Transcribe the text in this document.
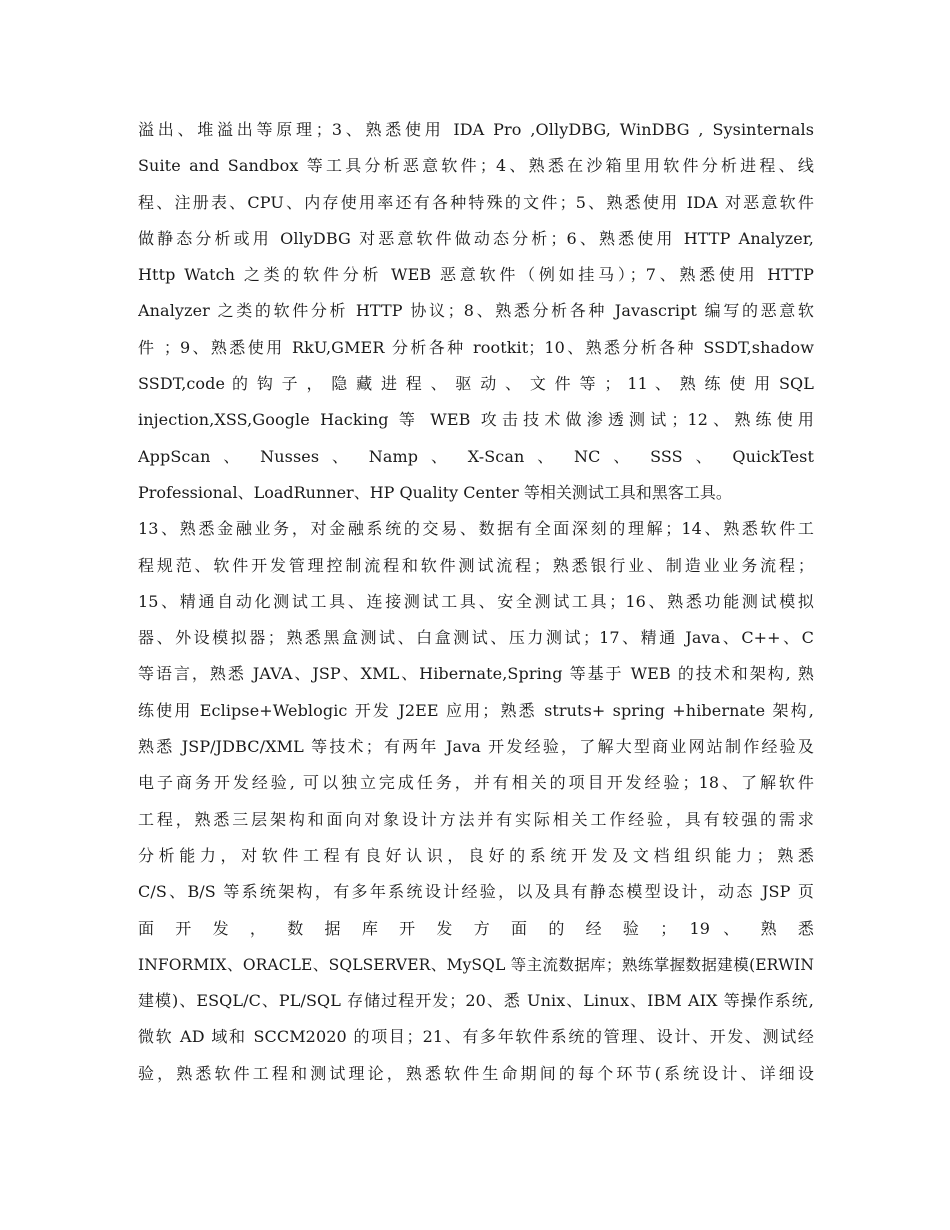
溢出、堆溢出等原理；3、熟悉使用 IDA Pro ,OllyDBG, WinDBG , Sysinternals
Suite and Sandbox 等工具分析恶意软件；4、熟悉在沙箱里用软件分析进程、线
程、注册表、CPU、内存使用率还有各种特殊的文件；5、熟悉使用 IDA 对恶意软件
做静态分析或用 OllyDBG 对恶意软件做动态分析；6、熟悉使用 HTTP Analyzer,
Http Watch 之类的软件分析 WEB 恶意软件（例如挂马）；7、熟悉使用 HTTP
Analyzer 之类的软件分析 HTTP 协议；8、熟悉分析各种 Javascript 编写的恶意软
件 ；9、熟悉使用 RkU,GMER 分析各种 rootkit；10、熟悉分析各种 SSDT,shadow
SSDT,code 的 钩 子 ， 隐 藏 进 程 、 驱 动 、 文 件 等 ； 11 、 熟 练 使 用 SQL
injection,XSS,Google Hacking 等 WEB 攻击技术做渗透测试；12、熟练使用
AppScan 、 Nusses 、 Namp 、 X-Scan 、 NC 、 SSS 、 QuickTest
Professional、LoadRunner、HP Quality Center 等相关测试工具和黑客工具。
13、熟悉金融业务，对金融系统的交易、数据有全面深刻的理解；14、熟悉软件工
程规范、软件开发管理控制流程和软件测试流程；熟悉银行业、制造业业务流程；
15、精通自动化测试工具、连接测试工具、安全测试工具；16、熟悉功能测试模拟
器、外设模拟器；熟悉黑盒测试、白盒测试、压力测试；17、精通 Java、C++、C
等语言，熟悉 JAVA、JSP、XML、Hibernate,Spring 等基于 WEB 的技术和架构, 熟
练使用 Eclipse+Weblogic 开发 J2EE 应用；熟悉 struts+ spring +hibernate 架构,
熟悉 JSP/JDBC/XML 等技术；有两年 Java 开发经验，了解大型商业网站制作经验及
电子商务开发经验, 可以独立完成任务，并有相关的项目开发经验；18、了解软件
工程，熟悉三层架构和面向对象设计方法并有实际相关工作经验，具有较强的需求
分析能力，对软件工程有良好认识，良好的系统开发及文档组织能力；熟悉
C/S、B/S 等系统架构，有多年系统设计经验，以及具有静态模型设计，动态 JSP 页
面 开 发 ， 数 据 库 开 发 方 面 的 经 验 ； 19 、 熟 悉
INFORMIX、ORACLE、SQLSERVER、MySQL 等主流数据库；熟练掌握数据建模(ERWIN
建模)、ESQL/C、PL/SQL 存储过程开发；20、悉 Unix、Linux、IBM AIX 等操作系统,
微软 AD 域和 SCCM2020 的项目；21、有多年软件系统的管理、设计、开发、测试经
验，熟悉软件工程和测试理论，熟悉软件生命期间的每个环节(系统设计、详细设
